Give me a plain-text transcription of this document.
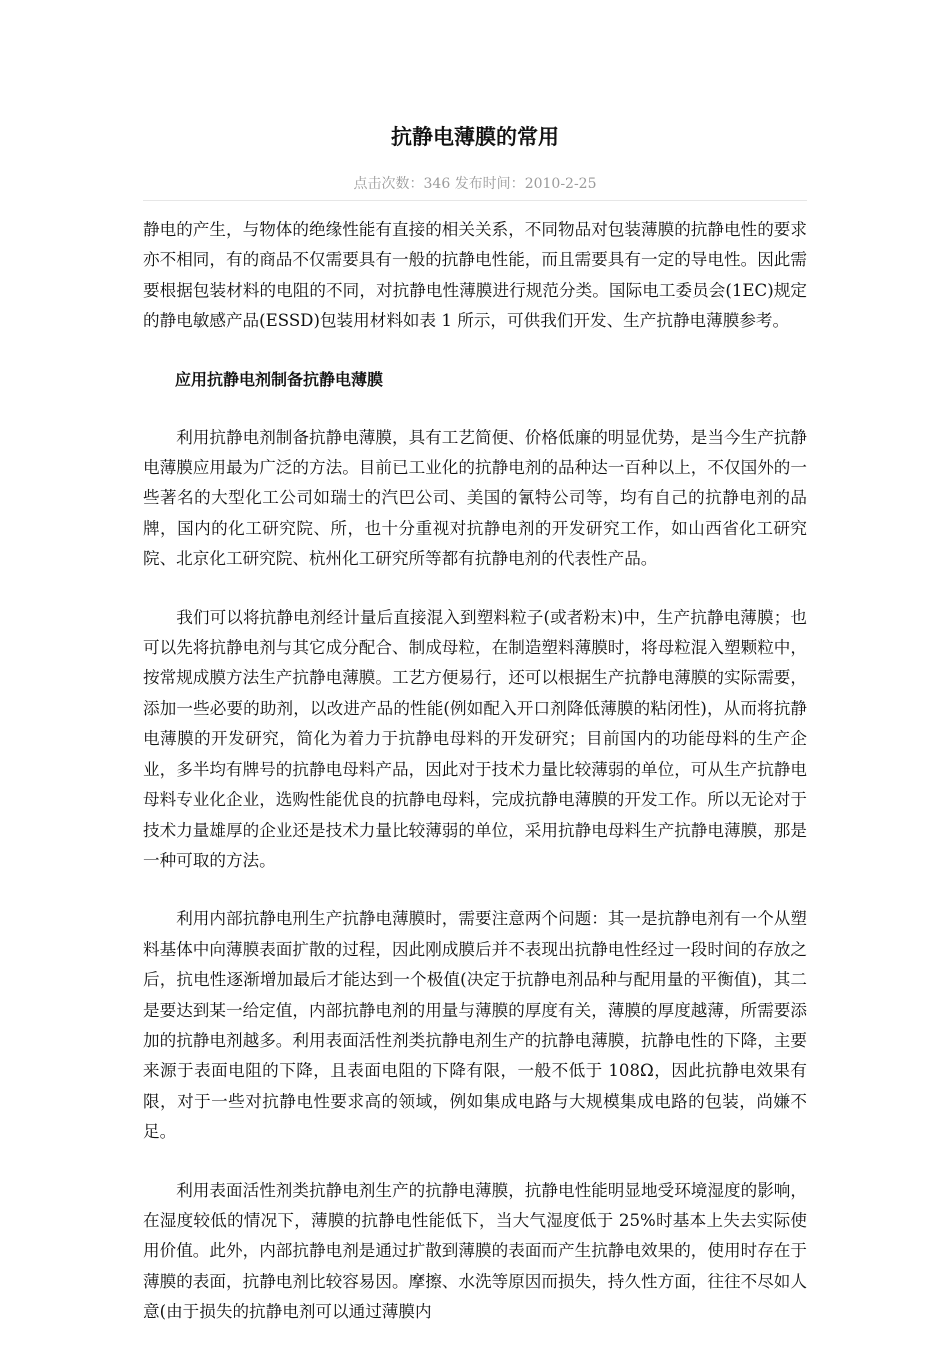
抗静电薄膜的常用
点击次数：346 发布时间：2010-2-25

静电的产生，与物体的绝缘性能有直接的相关关系，不同物品对包装薄膜的抗静电性的要求亦不相同，有的商品不仅需要具有一般的抗静电性能，而且需要具有一定的导电性。因此需要根据包装材料的电阻的不同，对抗静电性薄膜进行规范分类。国际电工委员会(1EC)规定的静电敏感产品(ESSD)包装用材料如表 1 所示，可供我们开发、生产抗静电薄膜参考。

应用抗静电剂制备抗静电薄膜

利用抗静电剂制备抗静电薄膜，具有工艺简便、价格低廉的明显优势，是当今生产抗静电薄膜应用最为广泛的方法。目前已工业化的抗静电剂的品种达一百种以上，不仅国外的一些著名的大型化工公司如瑞士的汽巴公司、美国的氰特公司等，均有自己的抗静电剂的品牌，国内的化工研究院、所，也十分重视对抗静电剂的开发研究工作，如山西省化工研究院、北京化工研究院、杭州化工研究所等都有抗静电剂的代表性产品。

我们可以将抗静电剂经计量后直接混入到塑料粒子(或者粉末)中，生产抗静电薄膜；也可以先将抗静电剂与其它成分配合、制成母粒，在制造塑料薄膜时，将母粒混入塑颗粒中，按常规成膜方法生产抗静电薄膜。工艺方便易行，还可以根据生产抗静电薄膜的实际需要，添加一些必要的助剂，以改进产品的性能(例如配入开口剂降低薄膜的粘闭性)，从而将抗静电薄膜的开发研究，简化为着力于抗静电母料的开发研究；目前国内的功能母料的生产企业，多半均有牌号的抗静电母料产品，因此对于技术力量比较薄弱的单位，可从生产抗静电母料专业化企业，选购性能优良的抗静电母料，完成抗静电薄膜的开发工作。所以无论对于技术力量雄厚的企业还是技术力量比较薄弱的单位，采用抗静电母料生产抗静电薄膜，那是一种可取的方法。

利用内部抗静电刑生产抗静电薄膜时，需要注意两个问题：其一是抗静电剂有一个从塑料基体中向薄膜表面扩散的过程，因此刚成膜后并不表现出抗静电性经过一段时间的存放之后，抗电性逐渐增加最后才能达到一个极值(决定于抗静电剂品种与配用量的平衡值)，其二是要达到某一给定值，内部抗静电剂的用量与薄膜的厚度有关，薄膜的厚度越薄，所需要添加的抗静电剂越多。利用表面活性剂类抗静电剂生产的抗静电薄膜，抗静电性的下降，主要来源于表面电阻的下降，且表面电阻的下降有限，一般不低于 108Ω，因此抗静电效果有限，对于一些对抗静电性要求高的领域，例如集成电路与大规模集成电路的包装，尚嫌不足。

利用表面活性剂类抗静电剂生产的抗静电薄膜，抗静电性能明显地受环境湿度的影响，在湿度较低的情况下，薄膜的抗静电性能低下，当大气湿度低于 25%时基本上失去实际使用价值。此外，内部抗静电剂是通过扩散到薄膜的表面而产生抗静电效果的，使用时存在于薄膜的表面，抗静电剂比较容易因。摩擦、水洗等原因而损失，持久性方面，往往不尽如人意(由于损失的抗静电剂可以通过薄膜内
